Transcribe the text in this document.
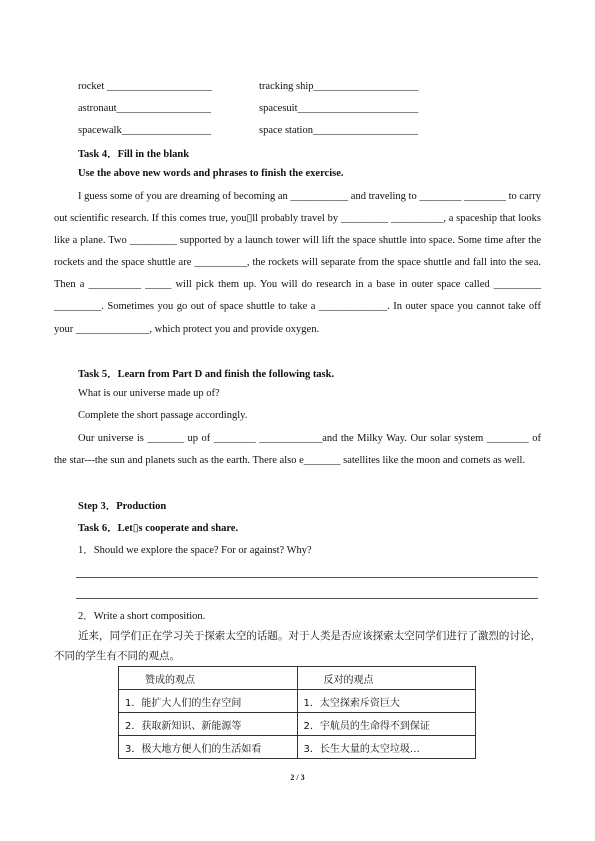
rocket ____________________	tracking ship____________________
astronaut__________________	spacesuit_______________________
spacewalk_________________	space station____________________
Task 4．Fill in the blank
Use the above new words and phrases to finish the exercise.
I guess some of you are dreaming of becoming an ___________ and traveling to ________ ________ to carry out scientific research. If this comes true, you▯ll probably travel by _________ __________, a spaceship that looks like a plane. Two _________ supported by a launch tower will lift the space shuttle into space. Some time after the rockets and the space shuttle are __________, the rockets will separate from the space shuttle and fall into the sea. Then a __________ _____ will pick them up. You will do research in a base in outer space called _________ _________. Sometimes you go out of space shuttle to take a _____________. In outer space you cannot take off your ______________, which protect you and provide oxygen.
Task 5．Learn from Part D and finish the following task.
What is our universe made up of?
Complete the short passage accordingly.
Our universe is _______ up of ________ ____________and the Milky Way. Our solar system ________ of the star---the sun and planets such as the earth. There also e_______ satellites like the moon and comets as well.
Step 3．Production
Task 6．Let▯s cooperate and share.
1．Should we explore the space? For or against? Why?
2．Write a short composition.
近来，同学们正在学习关于探索太空的话题。对于人类是否应该探索太空同学们进行了激烈的讨论，不同的学生有不同的观点。
赞成的观点	反对的观点
1．能扩大人们的生存空间	1．太空探索斥资巨大
2．获取新知识、新能源等	2．宇航员的生命得不到保证
3．极大地方便人们的生活如看	3．长生大量的太空垃圾…
2 / 3
